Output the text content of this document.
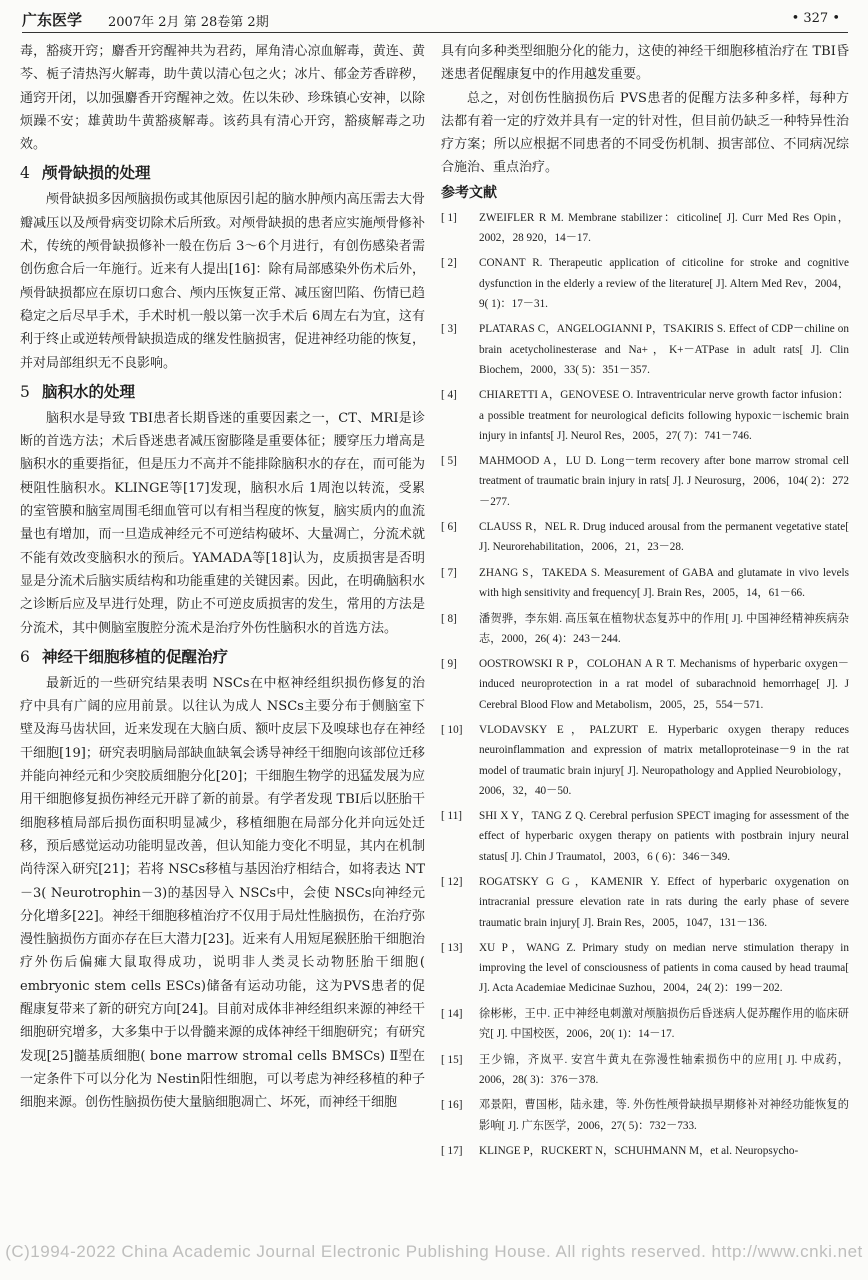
广东医学 2007年 2月 第 28卷第 2期	• 327 •

毒，豁痰开窍；麝香开窍醒神共为君药，犀角清心凉血解毒，黄连、黄芩、栀子清热泻火解毒，助牛黄以清心包之火；冰片、郁金芳香辟秽，通窍开闭，以加强麝香开窍醒神之效。佐以朱砂、珍珠镇心安神，以除烦躁不安；雄黄助牛黄豁痰解毒。该药具有清心开窍，豁痰解毒之功效。

4 颅骨缺损的处理

颅骨缺损多因颅脑损伤或其他原因引起的脑水肿颅内高压需去大骨瓣减压以及颅骨病变切除术后所致。对颅骨缺损的患者应实施颅骨修补术，传统的颅骨缺损修补一般在伤后 3～6个月进行，有创伤感染者需创伤愈合后一年施行。近来有人提出[16]：除有局部感染外伤术后外，颅骨缺损都应在原切口愈合、颅内压恢复正常、减压窗凹陷、伤情已趋稳定之后尽早手术，手术时机一般以第一次手术后 6周左右为宜，这有利于终止或逆转颅骨缺损造成的继发性脑损害，促进神经功能的恢复，并对局部组织无不良影响。

5 脑积水的处理

脑积水是导致 TBI患者长期昏迷的重要因素之一，CT、MRI是诊断的首选方法；术后昏迷患者减压窗膨隆是重要体征；腰穿压力增高是脑积水的重要指征，但是压力不高并不能排除脑积水的存在，而可能为梗阻性脑积水。KLINGE等[17]发现，脑积水后 1周泡以转流，受累的室管膜和脑室周围毛细血管可以有相当程度的恢复，脑实质内的血流量也有增加，而一旦造成神经元不可逆结构破坏、大量凋亡，分流术就不能有效改变脑积水的预后。YAMADA等[18]认为，皮质损害是否明显是分流术后脑实质结构和功能重建的关键因素。因此，在明确脑积水之诊断后应及早进行处理，防止不可逆皮质损害的发生，常用的方法是分流术，其中侧脑室腹腔分流术是治疗外伤性脑积水的首选方法。

6 神经干细胞移植的促醒治疗

最新近的一些研究结果表明 NSCs在中枢神经组织损伤修复的治疗中具有广阔的应用前景。以往认为成人 NSCs主要分布于侧脑室下壁及海马齿状回，近来发现在大脑白质、额叶皮层下及嗅球也存在神经干细胞[19]；研究表明脑局部缺血缺氧会诱导神经干细胞向该部位迁移并能向神经元和少突胶质细胞分化[20]；干细胞生物学的迅猛发展为应用干细胞修复损伤神经元开辟了新的前景。有学者发现 TBI后以胚胎干细胞移植局部后损伤面积明显减少，移植细胞在局部分化并向远处迁移，预后感觉运动功能明显改善，但认知能力变化不明显，其内在机制尚待深入研究[21]；若将 NSCs移植与基因治疗相结合，如将表达 NT－3( Neurotrophin－3)的基因导入 NSCs中，会使 NSCs向神经元分化增多[22]。神经干细胞移植治疗不仅用于局灶性脑损伤，在治疗弥漫性脑损伤方面亦存在巨大潜力[23]。近来有人用短尾猴胚胎干细胞治疗外伤后偏瘫大鼠取得成功，说明非人类灵长动物胚胎干细胞( embryonic stem cells ESCs)储备有运动功能，这为PVS患者的促醒康复带来了新的研究方向[24]。目前对成体非神经组织来源的神经干细胞研究增多，大多集中于以骨髓来源的成体神经干细胞研究；有研究发现[25]髓基质细胞( bone marrow stromal cells BMSCs) Ⅱ型在一定条件下可以分化为 Nestin阳性细胞，可以考虑为神经移植的种子细胞来源。创伤性脑损伤使大量脑细胞凋亡、坏死，而神经干细胞

具有向多种类型细胞分化的能力，这使的神经干细胞移植治疗在 TBI昏迷患者促醒康复中的作用越发重要。

总之，对创伤性脑损伤后 PVS患者的促醒方法多种多样，每种方法都有着一定的疗效并具有一定的针对性，但目前仍缺乏一种特异性治疗方案；所以应根据不同患者的不同受伤机制、损害部位、不同病况综合施治、重点治疗。

参考文献
[ 1] ZWEIFLER R M. Membrane stabilizer：citicoline[ J]. Curr Med Res Opin，2002，28 920，14－17.
[ 2] CONANT R. Therapeutic application of citicoline for stroke and cognitive dysfunction in the elderly a review of the literature[ J]. Altern Med Rev，2004，9( 1)：17－31.
[ 3] PLATARAS C，ANGELOGIANNI P，TSAKIRIS S. Effect of CDP－chiline on brain acetycholinesterase and Na+，K+－ATPase in adult rats[ J]. Clin Biochem，2000，33( 5)：351－357.
[ 4] CHIARETTI A，GENOVESE O. Intraventricular nerve growth factor infusion：a possible treatment for neurological deficits following hypoxic－ischemic brain injury in infants[ J]. Neurol Res，2005，27( 7)：741－746.
[ 5] MAHMOOD A，LU D. Long－term recovery after bone marrow stromal cell treatment of traumatic brain injury in rats[ J]. J Neurosurg，2006，104( 2)：272－277.
[ 6] CLAUSS R，NEL R. Drug induced arousal from the permanent vegetative state[ J]. Neurorehabilitation，2006，21，23－28.
[ 7] ZHANG S，TAKEDA S. Measurement of GABA and glutamate in vivo levels with high sensitivity and frequency[ J]. Brain Res，2005，14，61－66.
[ 8] 潘贺骅，李东娟. 高压氧在植物状态复苏中的作用[ J]. 中国神经精神疾病杂志，2000，26( 4)：243－244.
[ 9] OOSTROWSKI R P，COLOHAN A R T. Mechanisms of hyperbaric oxygen－induced neuroprotection in a rat model of subarachnoid hemorrhage[ J]. J Cerebral Blood Flow and Metabolism，2005，25，554－571.
[ 10] VLODAVSKY E，PALZURT E. Hyperbaric oxygen therapy reduces neuroinflammation and expression of matrix metalloproteinase－9 in the rat model of traumatic brain injury[ J]. Neuropathology and Applied Neurobiology，2006，32，40－50.
[ 11] SHI X Y，TANG Z Q. Cerebral perfusion SPECT imaging for assessment of the effect of hyperbaric oxygen therapy on patients with postbrain injury neural status[ J]. Chin J Traumatol，2003，6 ( 6)：346－349.
[ 12] ROGATSKY G G，KAMENIR Y. Effect of hyperbaric oxygenation on intracranial pressure elevation rate in rats during the early phase of severe traumatic brain injury[ J]. Brain Res，2005，1047，131－136.
[ 13] XU P，WANG Z. Primary study on median nerve stimulation therapy in improving the level of consciousness of patients in coma caused by head trauma[ J]. Acta Academiae Medicinae Suzhou，2004，24( 2)：199－202.
[ 14] 徐彬彬，王中. 正中神经电刺激对颅脑损伤后昏迷病人促苏醒作用的临床研究[ J]. 中国校医，2006，20( 1)：14－17.
[ 15] 王少锦，齐岚平. 安宫牛黄丸在弥漫性轴索损伤中的应用[ J]. 中成药，2006，28( 3)：376－378.
[ 16] 邓景阳，曹国彬，陆永建，等. 外伤性颅骨缺损早期修补对神经功能恢复的影响[ J]. 广东医学，2006，27( 5)：732－733.
[ 17] KLINGE P，RUCKERT N，SCHUHMANN M，et al. Neuropsycho-
(C)1994-2022 China Academic Journal Electronic Publishing House. All rights reserved. http://www.cnki.net
